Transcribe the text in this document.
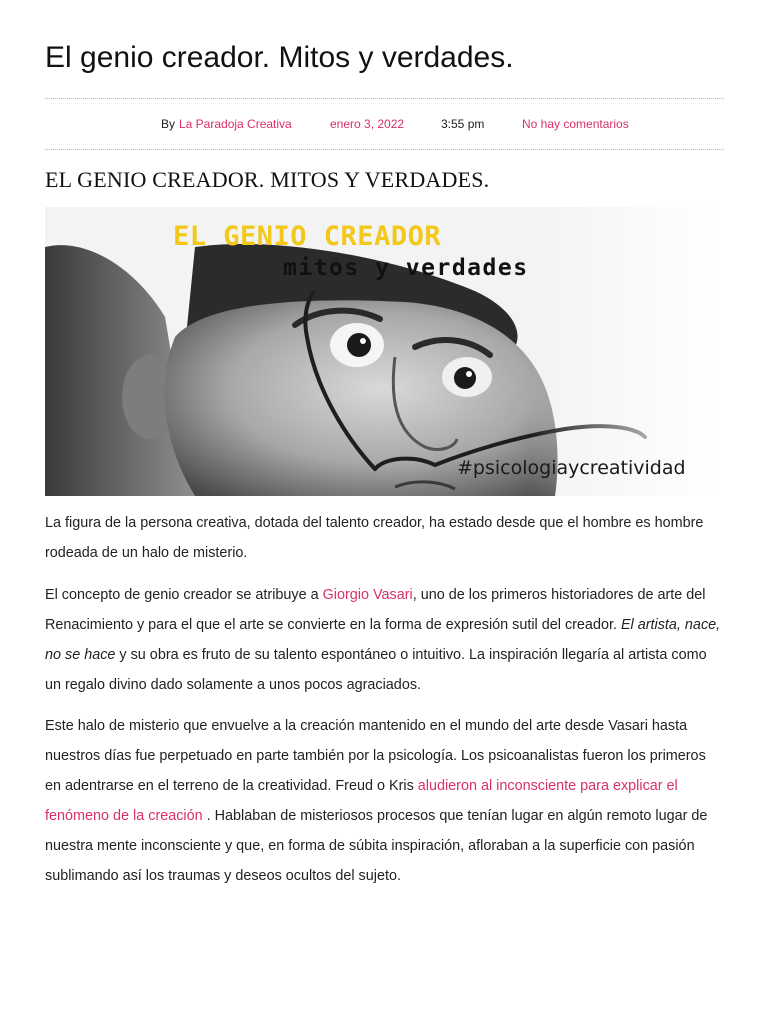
El genio creador. Mitos y verdades.
By La Paradoja Creativa	enero 3, 2022	3:55 pm	No hay comentarios
EL GENIO CREADOR. MITOS Y VERDADES.
EL GENIO CREADOR
mitos y verdades
#psicologiaycreatividad

La figura de la persona creativa, dotada del talento creador, ha estado desde que el hombre es hombre rodeada de un halo de misterio.

El concepto de genio creador se atribuye a Giorgio Vasari, uno de los primeros historiadores de arte del Renacimiento y para el que el arte se convierte en la forma de expresión sutil del creador. El artista, nace, no se hace y su obra es fruto de su talento espontáneo o intuitivo. La inspiración llegaría al artista como un regalo divino dado solamente a unos pocos agraciados.

Este halo de misterio que envuelve a la creación mantenido en el mundo del arte desde Vasari hasta nuestros días fue perpetuado en parte también por la psicología. Los psicoanalistas fueron los primeros en adentrarse en el terreno de la creatividad. Freud o Kris aludieron al inconsciente para explicar el fenómeno de la creación . Hablaban de misteriosos procesos que tenían lugar en algún remoto lugar de nuestra mente inconsciente y que, en forma de súbita inspiración, afloraban a la superficie con pasión sublimando así los traumas y deseos ocultos del sujeto.
